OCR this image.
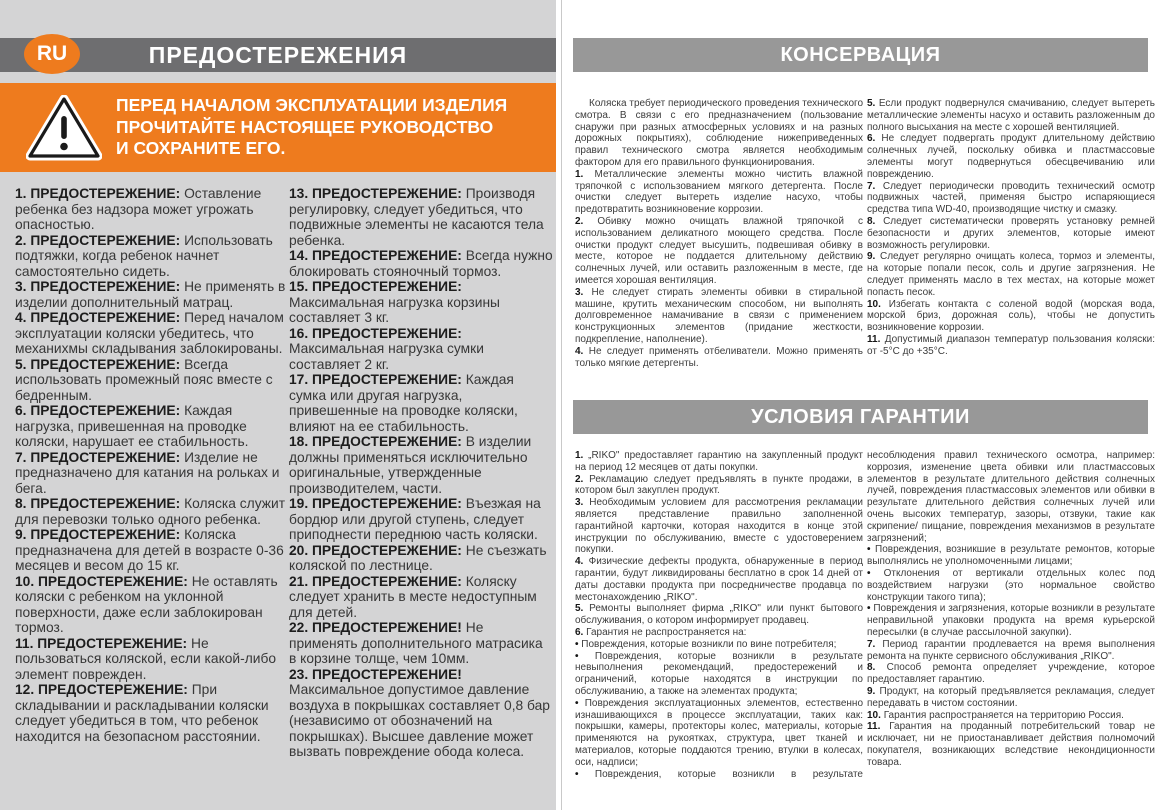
RU	ПРЕДОСТЕРЕЖЕНИЯ

ПЕРЕД НАЧАЛОМ ЭКСПЛУАТАЦИИ ИЗДЕЛИЯ ПРОЧИТАЙТЕ НАСТОЯЩЕЕ РУКОВОДСТВО И СОХРАНИТЕ ЕГО.

1. ПРЕДОСТЕРЕЖЕНИЕ: Оставление ребенка без надзора может угрожать опасностью.

2. ПРЕДОСТЕРЕЖЕНИЕ: Использовать подтяжки, когда ребенок начнет самостоятельно сидеть.

3. ПРЕДОСТЕРЕЖЕНИЕ: Не применять в изделии дополнительный матрац.

4. ПРЕДОСТЕРЕЖЕНИЕ: Перед началом эксплуатации коляски убедитесь, что механихмы складывания заблокированы.

5. ПРЕДОСТЕРЕЖЕНИЕ: Всегда использовать промежный пояс вместе с бедренным.

6. ПРЕДОСТЕРЕЖЕНИЕ: Каждая нагрузка, привешенная на проводке коляски, нарушает ее стабильность.

7. ПРЕДОСТЕРЕЖЕНИЕ: Изделие не предназначено для катания на рольках и бега.

8. ПРЕДОСТЕРЕЖЕНИЕ: Коляска служит для перевозки только одного ребенка.

9. ПРЕДОСТЕРЕЖЕНИЕ: Коляска предназначена для детей в возрасте 0-36 месяцев и весом до 15 кг.

10. ПРЕДОСТЕРЕЖЕНИЕ: Не оставлять коляски с ребенком на уклонной поверхности, даже если заблокирован тормоз.

11. ПРЕДОСТЕРЕЖЕНИЕ: Не пользоваться коляской, если какой-либо элемент поврежден.

12. ПРЕДОСТЕРЕЖЕНИЕ: При складывании и раскладывании коляски следует убедиться в том, что ребенок находится на безопасном расстоянии.

13. ПРЕДОСТЕРЕЖЕНИЕ: Производя регулировку, следует убедиться, что подвижные элементы не касаются тела ребенка.

14. ПРЕДОСТЕРЕЖЕНИЕ: Всегда нужно блокировать стояночный тормоз.

15. ПРЕДОСТЕРЕЖЕНИЕ: Максимальная нагрузка корзины составляет 3 кг.

16. ПРЕДОСТЕРЕЖЕНИЕ: Максимальная нагрузка сумки составляет 2 кг.

17. ПРЕДОСТЕРЕЖЕНИЕ: Каждая сумка или другая нагрузка, привешенные на проводке коляски, влияют на ее стабильность.

18. ПРЕДОСТЕРЕЖЕНИЕ: В изделии должны применяться исключительно оригинальные, утвержденные производителем, части.

19. ПРЕДОСТЕРЕЖЕНИЕ: Въезжая на бордюр или другой ступень, следует приподнести переднюю часть коляски.

20. ПРЕДОСТЕРЕЖЕНИЕ: Не съезжать коляской по лестнице.

21. ПРЕДОСТЕРЕЖЕНИЕ: Коляску следует хранить в месте недоступным для детей.

22. ПРЕДОСТЕРЕЖЕНИЕ! Не применять дополнительного матрасика в корзине толще, чем 10мм.

23. ПРЕДОСТЕРЕЖЕНИЕ! Максимальное допустимое давление воздуха в покрышках составляет 0,8 бар (независимо от обозначений на покрышках). Высшее давление может вызвать повреждение обода колеса.

КОНСЕРВАЦИЯ

Коляска требует периодического проведения технического смотра. В связи с его предназначением (пользование снаружи при разных атмосферных условиях и на разных дорожных покрытиях), соблюдение нижеприведенных правил технического смотра является необходимым фактором для его правильного функционирования.

1. Металлические элементы можно чистить влажной тряпочкой с использованием мягкого детергента. После очистки следует вытереть изделие насухо, чтобы предотвратить возникновение коррозии.

2. Обивку можно очищать влажной тряпочкой с использованием деликатного моющего средства. После очистки продукт следует высушить, подвешивая обивку в месте, которое не поддается длительному действию солнечных лучей, или оставить разложенным в месте, где имеется хорошая вентиляция.

3. Не следует стирать элементы обивки в стиральной машине, крутить механическим способом, ни выполнять долговременное намачивание в связи с применением конструкционных элементов (придание жесткости, подкрепление, наполнение).

4. Не следует применять отбеливатели. Можно применять только мягкие детергенты.

5. Если продукт подвернулся смачиванию, следует вытереть металлические элементы насухо и оставить разложенным до полного высыхания на месте с хорошей вентиляцией.

6. Не следует подвергать продукт длительному действию солнечных лучей, поскольку обивка и пластмассовые элементы могут подвернуться обесцвечиванию или повреждению.

7. Следует периодически проводить технический осмотр подвижных частей, применяя быстро испаряющиеся средства типа WD-40, производящие чистку и смазку.

8. Следует систематически проверять установку ремней безопасности и других элементов, которые имеют возможность регулировки.

9. Следует регулярно очищать колеса, тормоз и элементы, на которые попали песок, соль и другие загрязнения. Не следует применять масло в тех местах, на которые может попасть песок.

10. Избегать контакта с соленой водой (морская вода, морской бриз, дорожная соль), чтобы не допустить возникновение коррозии.

11. Допустимый диапазон температур пользования коляски: от -5°C до +35°C.

УСЛОВИЯ ГАРАНТИИ

1. „RIKO" предоставляет гарантию на закупленный продукт на период 12 месяцев от даты покупки.

2. Рекламацию следует предъявлять в пункте продажи, в котором был закуплен продукт.

3. Необходимым условием для рассмотрения рекламации является представление правильно заполненной гарантийной карточки, которая находится в конце этой инструкции по обслуживанию, вместе с удостоверением покупки.

4. Физические дефекты продукта, обнаруженные в период гарантии, будут ликвидированы бесплатно в срок 14 дней от даты доставки продукта при посредничестве продавца по местонахождению „RIKO".

5. Ремонты выполняет фирма „RIKO" или пункт бытового обслуживания, о котором информирует продавец.

6. Гарантия не распространяется на:

• Повреждения, которые возникли по вине потребителя;

• Повреждения, которые возникли в результате невыполнения рекомендаций, предостережений и ограничений, которые находятся в инструкции по обслуживанию, а также на элементах продукта;

• Повреждения эксплуатационных элементов, естественно изнашивающихся в процессе эксплуатации, таких как: покрышки, камеры, протекторы колес, материалы, которые применяются на рукоятках, структура, цвет тканей и материалов, которые поддаются трению, втулки в колесах, оси, надписи;

• Повреждения, которые возникли в результате

несоблюдения правил технического осмотра, например: коррозия, изменение цвета обивки или пластмассовых элементов в результате длительного действия солнечных лучей, повреждения пластмассовых элементов или обивки в результате длительного действия солнечных лучей или очень высоких температур, зазоры, отзвуки, такие как скрипение/ пищание, повреждения механизмов в результате загрязнений;

• Повреждения, возникшие в результате ремонтов, которые выполнялись не уполномоченными лицами;

• Отклонения от вертикали отдельных колес под воздействием нагрузки (это нормальное свойство конструкции такого типа);

• Повреждения и загрязнения, которые возникли в результате неправильной упаковки продукта на время курьерской пересылки (в случае рассылочной закупки).

7. Период гарантии продлевается на время выполнения ремонта на пункте сервисного обслуживания „RIKO".

8. Способ ремонта определяет учреждение, которое предоставляет гарантию.

9. Продукт, на который предъявляется рекламация, следует передавать в чистом состоянии.

10. Гарантия распространяется на территорию Россия.

11. Гарантия на проданный потребительский товар не исключает, ни не приостанавливает действия полномочий покупателя, возникающих вследствие некондиционности товара.
